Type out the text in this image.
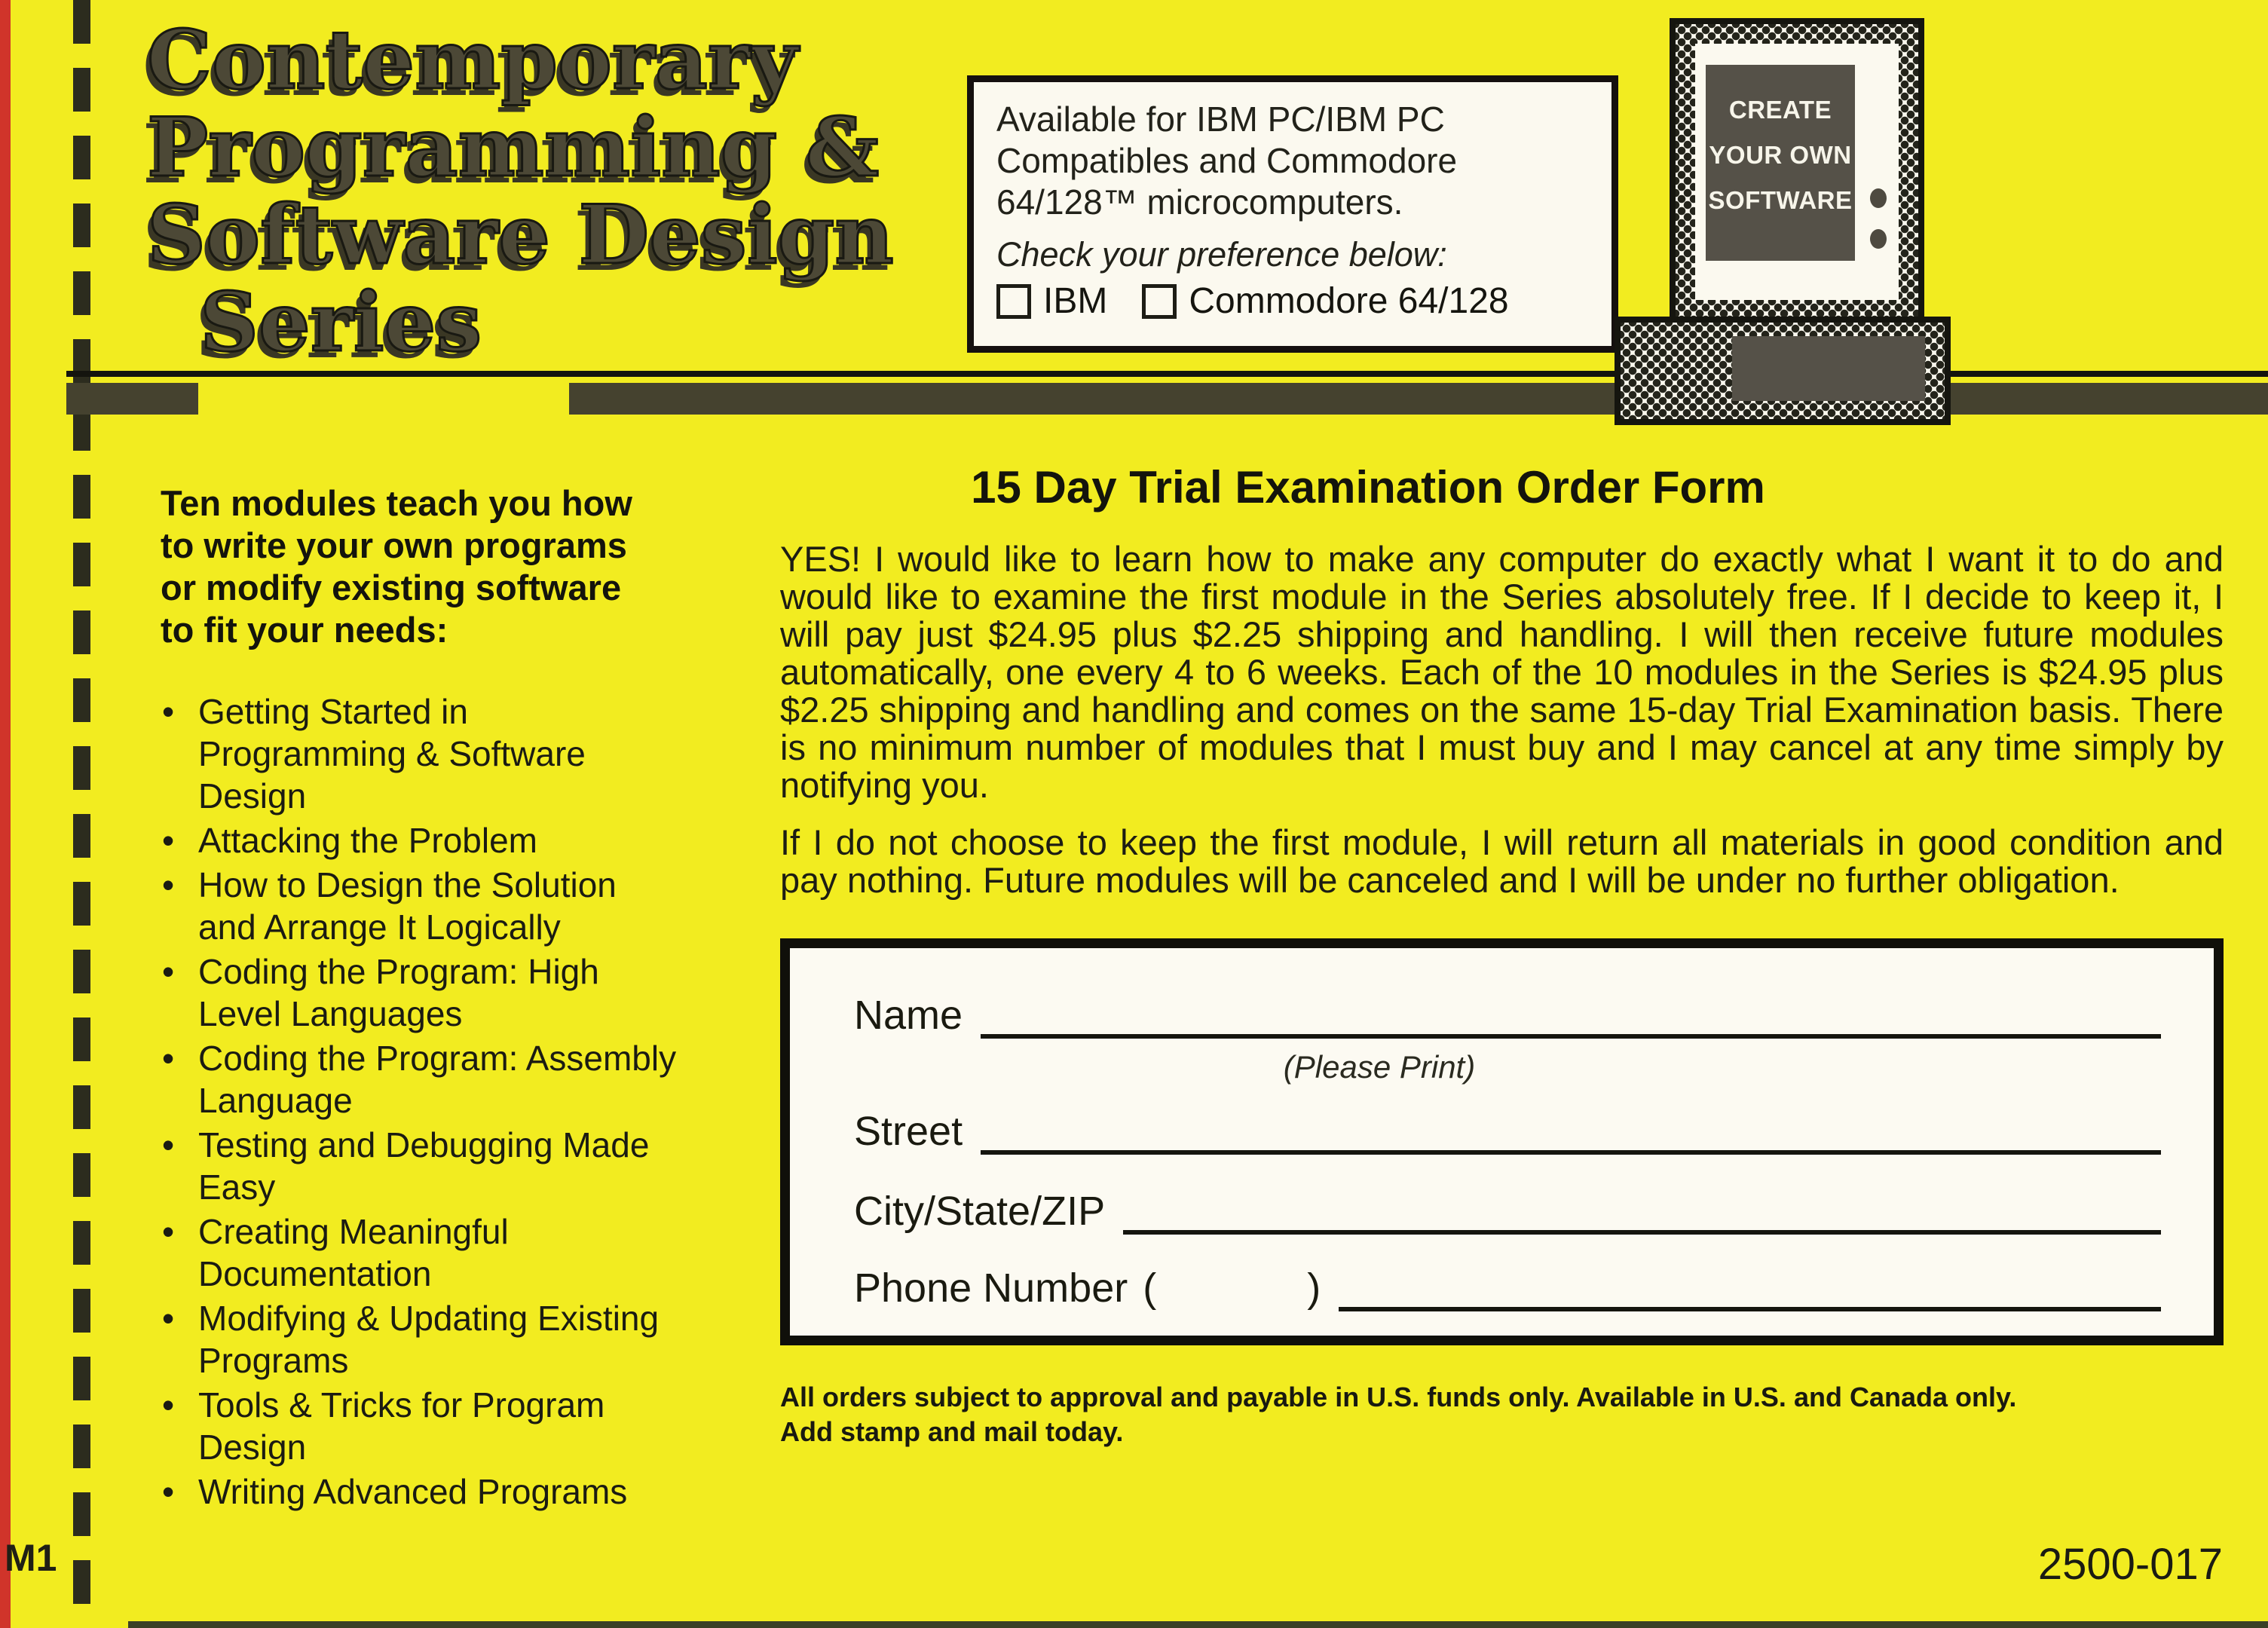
Contemporary
Programming &
Software Design
Series
Available for IBM PC/IBM PC
Compatibles and Commodore
64/128™ microcomputers.
Check your preference below:
IBM Commodore 64/128
CREATE
YOUR OWN
SOFTWARE
Ten modules teach you how
to write your own programs
or modify existing software
to fit your needs:
• Getting Started in Programming & Software Design
• Attacking the Problem
• How to Design the Solution and Arrange It Logically
• Coding the Program: High Level Languages
• Coding the Program: Assembly Language
• Testing and Debugging Made Easy
• Creating Meaningful Documentation
• Modifying & Updating Existing Programs
• Tools & Tricks for Program Design
• Writing Advanced Programs
M1
15 Day Trial Examination Order Form
YES! I would like to learn how to make any computer do exactly what I want it to do and would like to examine the first module in the Series absolutely free. If I decide to keep it, I will pay just $24.95 plus $2.25 shipping and handling. I will then receive future modules automatically, one every 4 to 6 weeks. Each of the 10 modules in the Series is $24.95 plus $2.25 shipping and handling and comes on the same 15-day Trial Examination basis. There is no minimum number of modules that I must buy and I may cancel at any time simply by notifying you.
If I do not choose to keep the first module, I will return all materials in good condition and pay nothing. Future modules will be canceled and I will be under no further obligation.
Name
(Please Print)
Street
City/State/ZIP
Phone Number (	)
All orders subject to approval and payable in U.S. funds only. Available in U.S. and Canada only.
Add stamp and mail today.
2500-017
